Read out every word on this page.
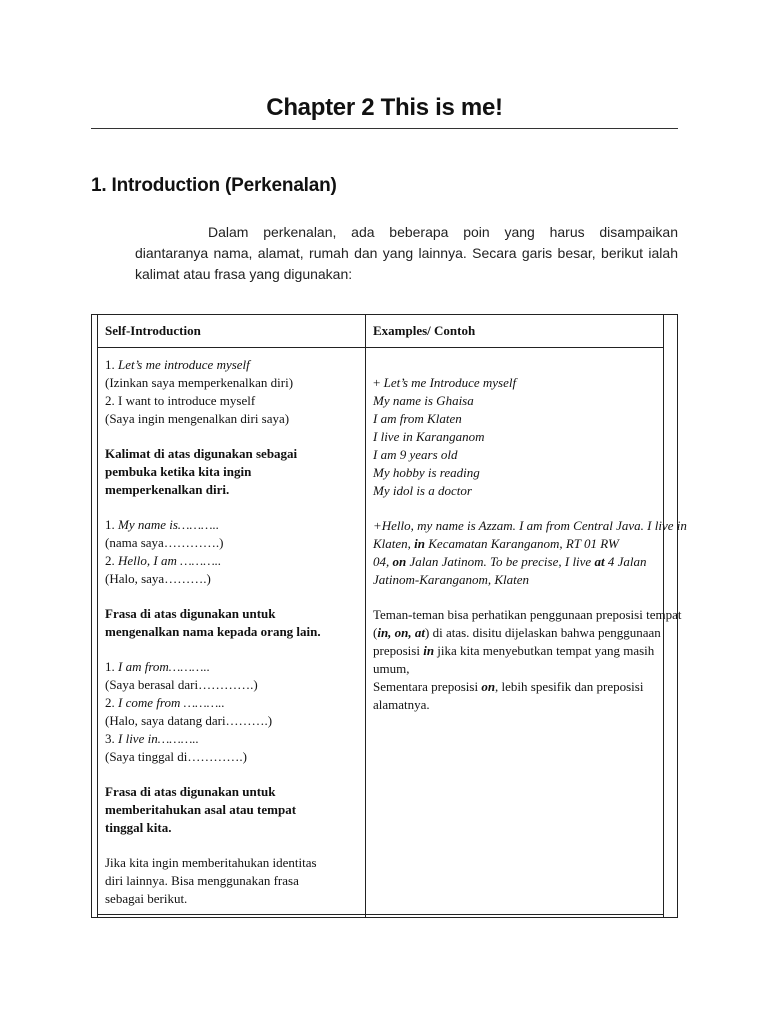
Chapter 2 This is me!
1. Introduction (Perkenalan)
Dalam perkenalan, ada beberapa poin yang harus disampaikan diantaranya nama, alamat, rumah dan yang lainnya. Secara garis besar, berikut ialah kalimat atau frasa yang digunakan:
Self-Introduction	Examples/ Contoh
1. Let’s me introduce myself
(Izinkan saya memperkenalkan diri)
2. I want to introduce myself
(Saya ingin mengenalkan diri saya)
Kalimat di atas digunakan sebagai
pembuka ketika kita ingin
memperkenalkan diri.
1. My name is………..
(nama saya………….)
2. Hello, I am ………..
(Halo, saya……….)
Frasa di atas digunakan untuk
mengenalkan nama kepada orang lain.
1. I am from………..
(Saya berasal dari………….)
2. I come from ………..
(Halo, saya datang dari……….)
3. I live in………..
(Saya tinggal di………….)
Frasa di atas digunakan untuk
memberitahukan asal atau tempat
tinggal kita.
Jika kita ingin memberitahukan identitas
diri lainnya. Bisa menggunakan frasa
sebagai berikut.
+ Let’s me Introduce myself
My name is Ghaisa
I am from Klaten
I live in Karanganom
I am 9 years old
My hobby is reading
My idol is a doctor
+Hello, my name is Azzam. I am from Central Java. I live in
Klaten, in Kecamatan Karanganom, RT 01 RW
04, on Jalan Jatinom. To be precise, I live at 4 Jalan
Jatinom-Karanganom, Klaten
Teman-teman bisa perhatikan penggunaan preposisi tempat
(in, on, at) di atas. disitu dijelaskan bahwa penggunaan
preposisi in jika kita menyebutkan tempat yang masih
umum,
Sementara preposisi on, lebih spesifik dan preposisi
alamatnya.
